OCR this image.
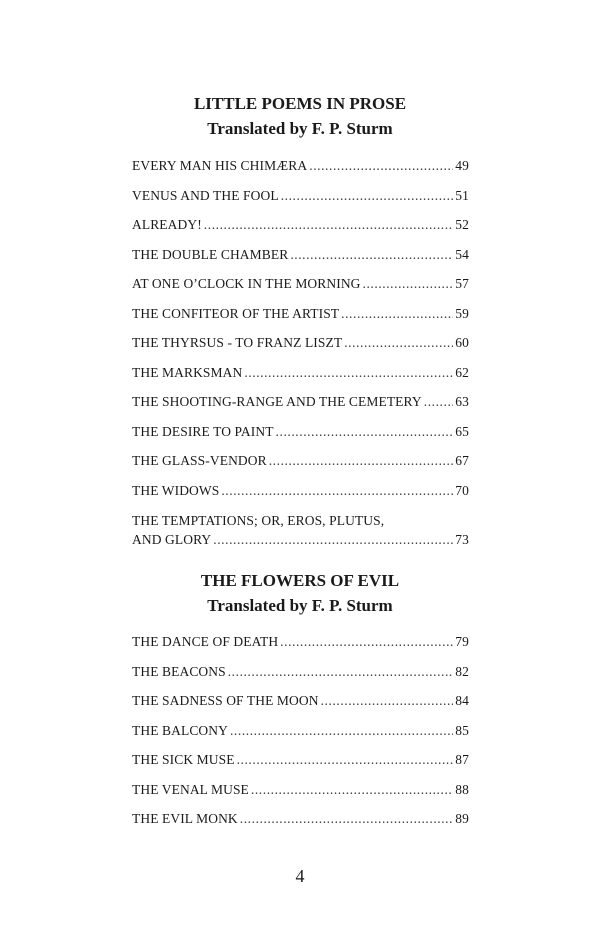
LITTLE POEMS IN PROSE
Translated by F. P. Sturm
EVERY MAN HIS CHIMÆRA . . .	49
VENUS AND THE FOOL . . .	51
ALREADY! . . .	52
THE DOUBLE CHAMBER . . .	54
AT ONE O’CLOCK IN THE MORNING . . .	57
THE CONFITEOR OF THE ARTIST . . .	59
THE THYRSUS - TO FRANZ LISZT . . .	60
THE MARKSMAN . . .	62
THE SHOOTING-RANGE AND THE CEMETERY . . . 63
THE DESIRE TO PAINT . . .	65
THE GLASS-VENDOR . . .	67
THE WIDOWS . . .	70
THE TEMPTATIONS; OR, EROS, PLUTUS,
AND GLORY . . .	73
THE FLOWERS OF EVIL
Translated by F. P. Sturm
THE DANCE OF DEATH . . .	79
THE BEACONS . . .	82
THE SADNESS OF THE MOON . . .	84
THE BALCONY . . .	85
THE SICK MUSE . . .	87
THE VENAL MUSE . . .	88
THE EVIL MONK . . .	89
4
